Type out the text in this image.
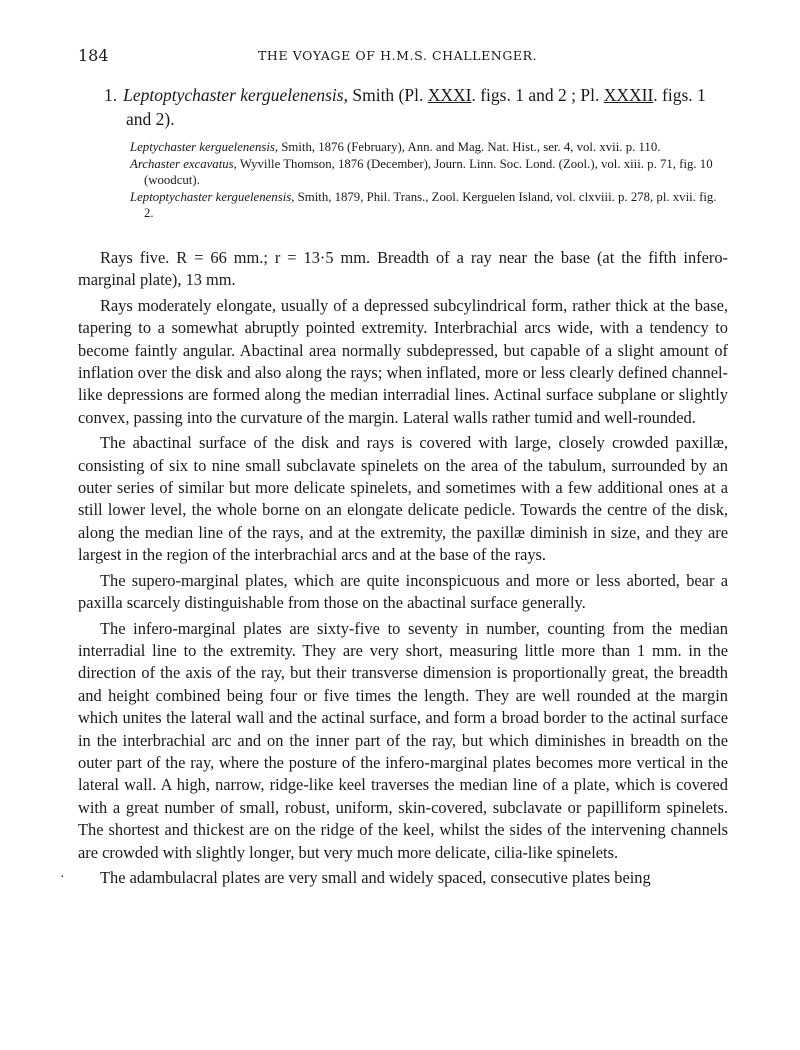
184	THE VOYAGE OF H.M.S. CHALLENGER.
1. Leptoptychaster kerguelenensis, Smith (Pl. XXXI. figs. 1 and 2 ; Pl. XXXII. figs. 1
and 2).

Leptychaster kerguelenensis, Smith, 1876 (February), Ann. and Mag. Nat. Hist., ser. 4, vol. xvii. p. 110.

Archaster excavatus, Wyville Thomson, 1876 (December), Journ. Linn. Soc. Lond. (Zool.), vol. xiii. p. 71, fig. 10 (woodcut).

Leptoptychaster kerguelenensis, Smith, 1879, Phil. Trans., Zool. Kerguelen Island, vol. clxviii. p. 278, pl. xvii. fig. 2.

Rays five. R = 66 mm.; r = 13·5 mm. Breadth of a ray near the base (at the fifth infero-marginal plate), 13 mm.

Rays moderately elongate, usually of a depressed subcylindrical form, rather thick at the base, tapering to a somewhat abruptly pointed extremity. Interbrachial arcs wide, with a tendency to become faintly angular. Abactinal area normally subdepressed, but capable of a slight amount of inflation over the disk and also along the rays; when inflated, more or less clearly defined channel-like depressions are formed along the median interradial lines. Actinal surface subplane or slightly convex, passing into the curvature of the margin. Lateral walls rather tumid and well-rounded.

The abactinal surface of the disk and rays is covered with large, closely crowded paxillæ, consisting of six to nine small subclavate spinelets on the area of the tabulum, surrounded by an outer series of similar but more delicate spinelets, and sometimes with a few additional ones at a still lower level, the whole borne on an elongate delicate pedicle. Towards the centre of the disk, along the median line of the rays, and at the extremity, the paxillæ diminish in size, and they are largest in the region of the interbrachial arcs and at the base of the rays.

The supero-marginal plates, which are quite inconspicuous and more or less aborted, bear a paxilla scarcely distinguishable from those on the abactinal surface generally.

The infero-marginal plates are sixty-five to seventy in number, counting from the median interradial line to the extremity. They are very short, measuring little more than 1 mm. in the direction of the axis of the ray, but their transverse dimension is proportionally great, the breadth and height combined being four or five times the length. They are well rounded at the margin which unites the lateral wall and the actinal surface, and form a broad border to the actinal surface in the interbrachial arc and on the inner part of the ray, but which diminishes in breadth on the outer part of the ray, where the posture of the infero-marginal plates becomes more vertical in the lateral wall. A high, narrow, ridge-like keel traverses the median line of a plate, which is covered with a great number of small, robust, uniform, skin-covered, subclavate or papilliform spinelets. The shortest and thickest are on the ridge of the keel, whilst the sides of the intervening channels are crowded with slightly longer, but very much more delicate, cilia-like spinelets.

·	The adambulacral plates are very small and widely spaced, consecutive plates being
